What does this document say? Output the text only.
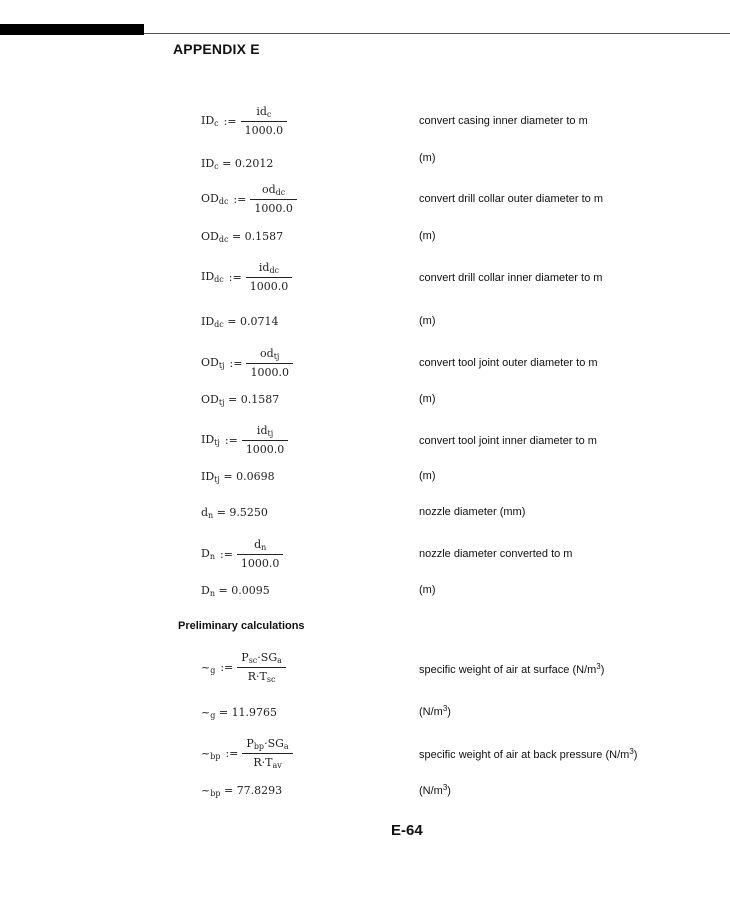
APPENDIX E
$ID_c$ := $\frac{id_c}{1000.0}$	convert casing inner diameter to m
$ID_c = 0.2012$	(m)
$OD_{dc}$ := $\frac{od_{dc}}{1000.0}$	convert drill collar outer diameter to m
$OD_{dc} = 0.1587$	(m)
$ID_{dc}$ := $\frac{id_{dc}}{1000.0}$	convert drill collar inner diameter to m
$ID_{dc} = 0.0714$	(m)
$OD_{tj}$ := $\frac{od_{tj}}{1000.0}$	convert tool joint outer diameter to m
$OD_{tj} = 0.1587$	(m)
$ID_{tj}$ := $\frac{id_{tj}}{1000.0}$	convert tool joint inner diameter to m
$ID_{tj} = 0.0698$	(m)
$d_n = 9.5250$	nozzle diameter (mm)
$D_n$ := $\frac{d_n}{1000.0}$	nozzle diameter converted to m
$D_n = 0.0095$	(m)
Preliminary calculations
$\sim_g$ := $\frac{P_{sc}\cdot SG_a}{R\cdot T_{sc}}$	specific weight of air at surface $(N/m^3)$
$\sim_g = 11.9765$	$(N/m^3)$
$\sim_{bp}$ := $\frac{P_{bp}\cdot SG_a}{R\cdot T_{av}}$	specific weight of air at back pressure $(N/m^3)$
$\sim_{bp} = 77.8293$	$(N/m^3)$
E-64
